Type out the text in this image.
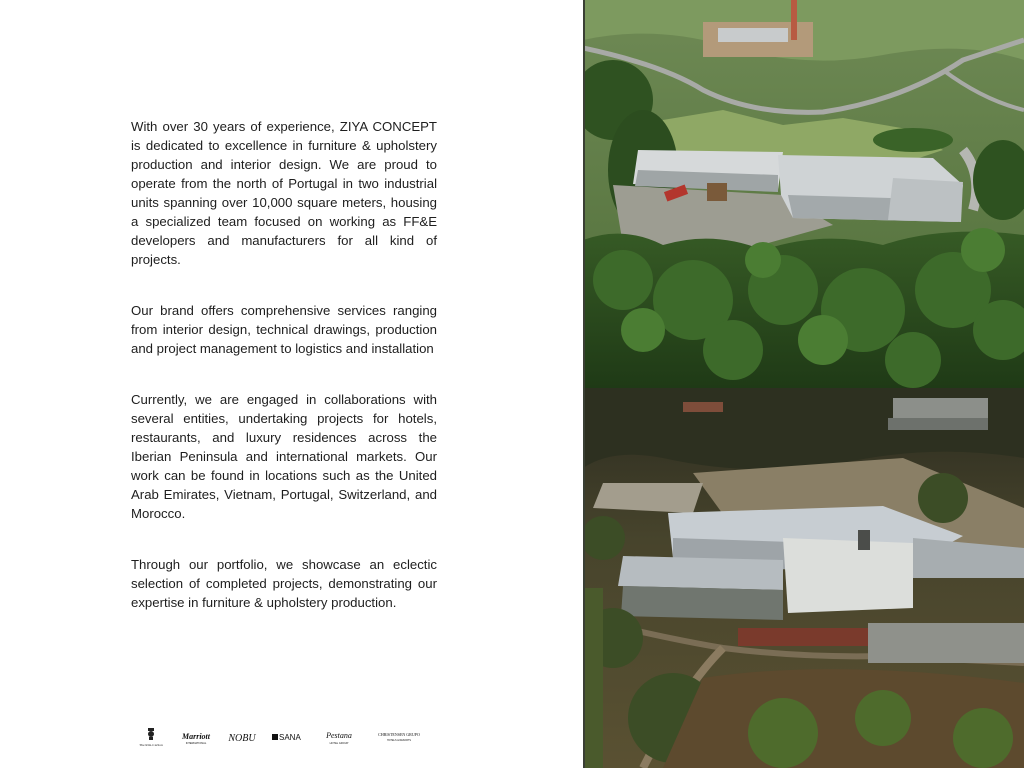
With over 30 years of experience, ZIYA CONCEPT is dedicated to excellence in furniture & upholstery production and interior design. We are proud to operate from the north of Portugal in two industrial units spanning over 10,000 square meters, housing a specialized team focused on working as FF&E developers and manufacturers for all kind of projects.

Our brand offers comprehensive services ranging from interior design, technical drawings, production and project management to logistics and installation

Currently, we are engaged in collaborations with several entities, undertaking projects for hotels, restaurants, and luxury residences across the Iberian Peninsula and international markets. Our work can be found in locations such as the United Arab Emirates, Vietnam, Portugal, Switzerland, and Morocco.

Through our portfolio, we showcase an eclectic selection of completed projects, demonstrating our expertise in furniture & upholstery production.

The Ritz-Carlton
Marriott
INTERNATIONAL NOBU	SANA	Pestana
HOTEL GROUP
CHRISTENSEN GRUPO
HOTELS & RESORTS
